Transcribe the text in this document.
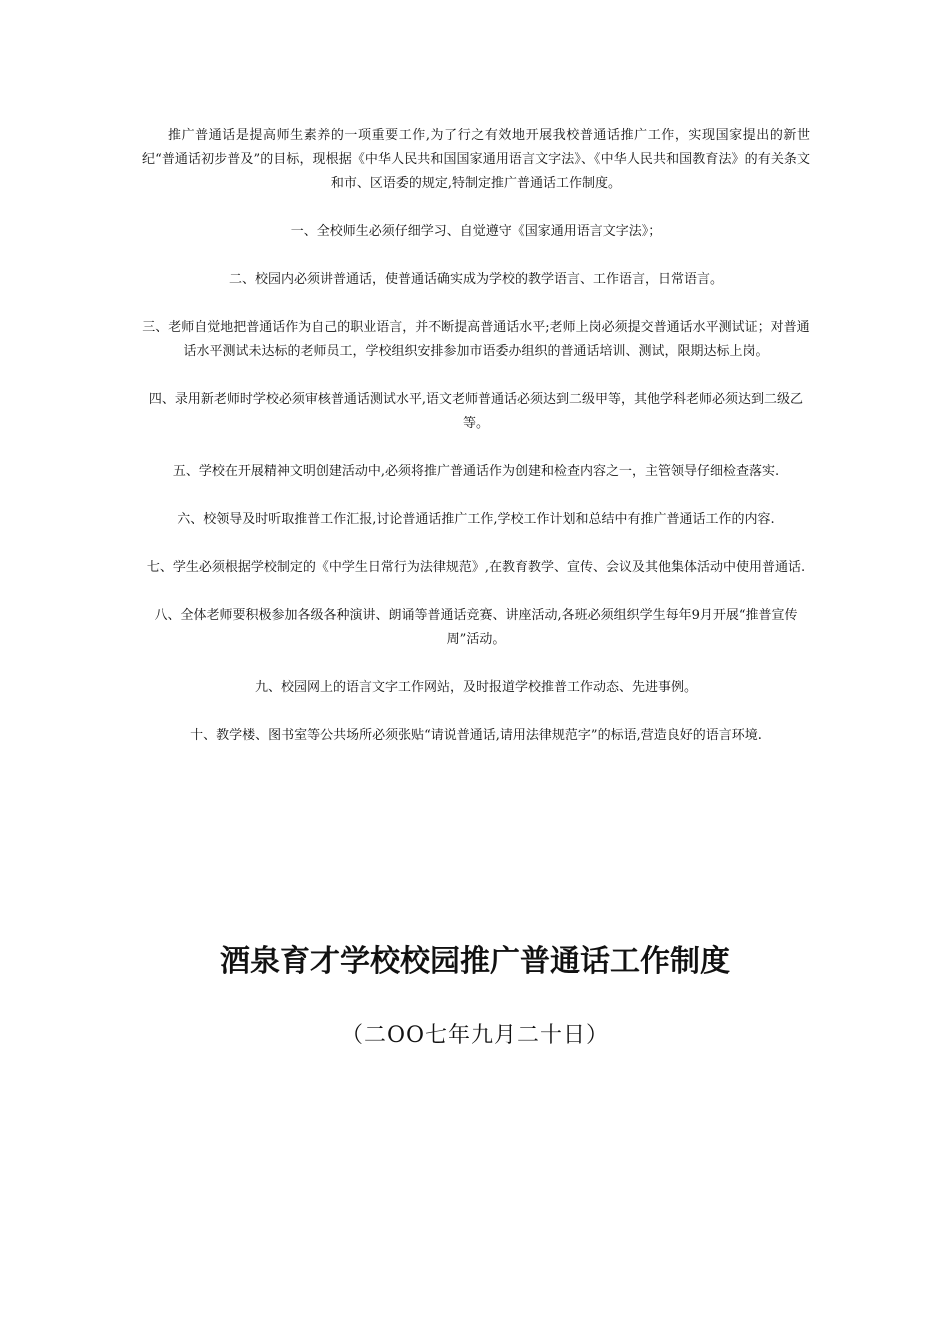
推广普通话是提高师生素养的一项重要工作,为了行之有效地开展我校普通话推广工作，实现国家提出的新世纪“普通话初步普及”的目标，现根据《中华人民共和国国家通用语言文字法》、《中华人民共和国教育法》的有关条文和市、区语委的规定,特制定推广普通话工作制度。

一、全校师生必须仔细学习、自觉遵守《国家通用语言文字法》；

二、校园内必须讲普通话，使普通话确实成为学校的教学语言、工作语言，日常语言。

三、老师自觉地把普通话作为自己的职业语言，并不断提高普通话水平;老师上岗必须提交普通话水平测试证；对普通话水平测试未达标的老师员工，学校组织安排参加市语委办组织的普通话培训、测试，限期达标上岗。

四、录用新老师时学校必须审核普通话测试水平,语文老师普通话必须达到二级甲等，其他学科老师必须达到二级乙等。

五、学校在开展精神文明创建活动中,必须将推广普通话作为创建和检查内容之一，主管领导仔细检查落实.

六、校领导及时听取推普工作汇报,讨论普通话推广工作,学校工作计划和总结中有推广普通话工作的内容.

七、学生必须根据学校制定的《中学生日常行为法律规范》,在教育教学、宣传、会议及其他集体活动中使用普通话.

八、全体老师要积极参加各级各种演讲、朗诵等普通话竞赛、讲座活动,各班必须组织学生每年9月开展“推普宣传周”活动。

九、校园网上的语言文字工作网站，及时报道学校推普工作动态、先进事例。

十、教学楼、图书室等公共场所必须张贴“请说普通话,请用法律规范字”的标语,营造良好的语言环境.

酒泉育才学校校园推广普通话工作制度

（二OO七年九月二十日）
